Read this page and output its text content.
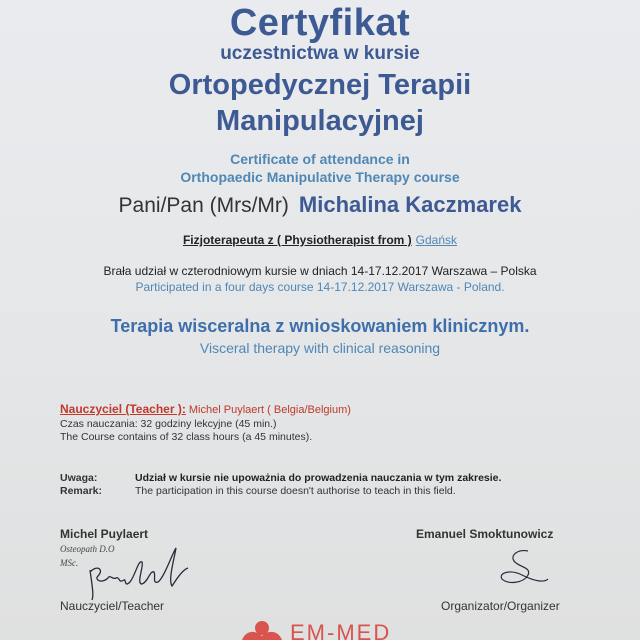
Certyfikat
uczestnictwa w kursie
Ortopedycznej Terapii
Manipulacyjnej
Certificate of attendance in
Orthopaedic Manipulative Therapy course
Pani/Pan (Mrs/Mr) Michalina Kaczmarek
Fizjoterapeuta z ( Physiotherapist from ) Gdańsk
Brała udział w czterodniowym kursie w dniach 14-17.12.2017 Warszawa – Polska
Participated in a four days course 14-17.12.2017 Warszawa - Poland.
Terapia wisceralna z wnioskowaniem klinicznym.
Visceral therapy with clinical reasoning
Nauczyciel (Teacher ): Michel Puylaert ( Belgia/Belgium)
Czas nauczania: 32 godziny lekcyjne (45 min.)
The Course contains of 32 class hours (a 45 minutes).
Uwaga:	Udział w kursie nie upoważnia do prowadzenia nauczania w tym zakresie.
Remark:	The participation in this course doesn't authorise to teach in this field.
Michel Puylaert
Osteopath D.O
MSc.
Nauczyciel/Teacher
Emanuel Smoktunowicz
Organizator/Organizer
EM-MED
